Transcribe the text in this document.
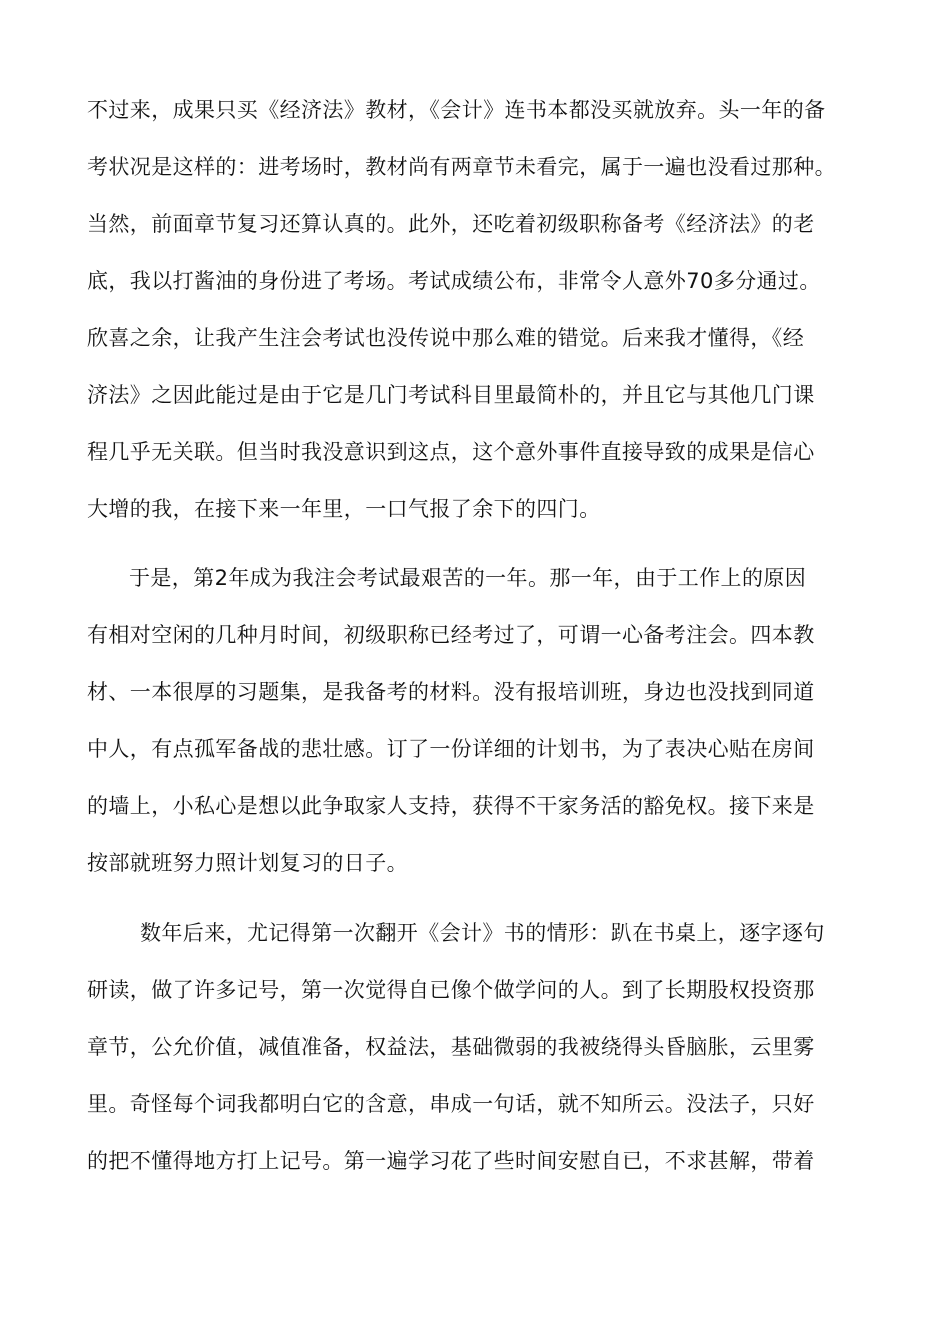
不过来，成果只买《经济法》教材，《会计》连书本都没买就放弃。头一年的备
考状况是这样的：进考场时，教材尚有两章节未看完，属于一遍也没看过那种。
当然，前面章节复习还算认真的。此外，还吃着初级职称备考《经济法》的老
底，我以打酱油的身份进了考场。考试成绩公布，非常令人意外70多分通过。
欣喜之余，让我产生注会考试也没传说中那么难的错觉。后来我才懂得，《经
济法》之因此能过是由于它是几门考试科目里最简朴的，并且它与其他几门课
程几乎无关联。但当时我没意识到这点，这个意外事件直接导致的成果是信心
大增的我，在接下来一年里，一口气报了余下的四门。
于是，第2年成为我注会考试最艰苦的一年。那一年，由于工作上的原因
有相对空闲的几种月时间，初级职称已经考过了，可谓一心备考注会。四本教
材、一本很厚的习题集，是我备考的材料。没有报培训班，身边也没找到同道
中人，有点孤军备战的悲壮感。订了一份详细的计划书，为了表决心贴在房间
的墙上，小私心是想以此争取家人支持，获得不干家务活的豁免权。接下来是
按部就班努力照计划复习的日子。
数年后来，尤记得第一次翻开《会计》书的情形：趴在书桌上，逐字逐句
研读，做了许多记号，第一次觉得自已像个做学问的人。到了长期股权投资那
章节，公允价值，减值准备，权益法，基础微弱的我被绕得头昏脑胀，云里雾
里。奇怪每个词我都明白它的含意，串成一句话，就不知所云。没法子，只好
的把不懂得地方打上记号。第一遍学习花了些时间安慰自已，不求甚解，带着
